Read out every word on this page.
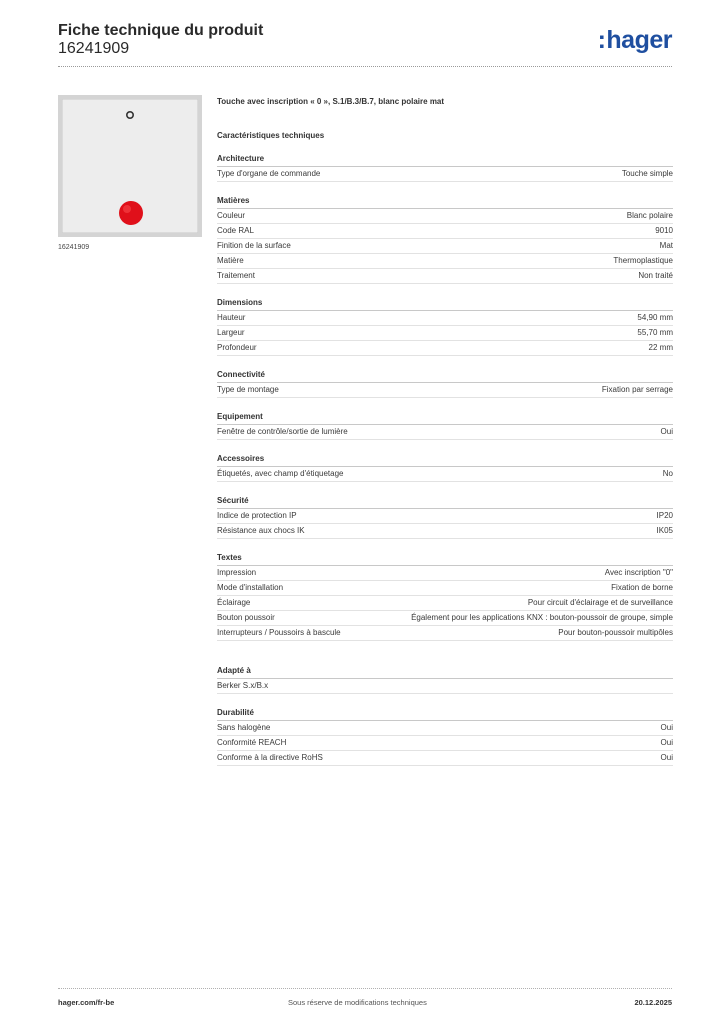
Fiche technique du produit
16241909	:hager
16241909
Touche avec inscription « 0 », S.1/B.3/B.7, blanc polaire mat
Caractéristiques techniques
Architecture
Type d'organe de commande	Touche simple
Matières
Couleur	Blanc polaire
Code RAL	9010
Finition de la surface	Mat
Matière	Thermoplastique
Traitement	Non traité
Dimensions
Hauteur	54,90 mm
Largeur	55,70 mm
Profondeur	22 mm
Connectivité
Type de montage	Fixation par serrage
Equipement
Fenêtre de contrôle/sortie de lumière	Oui
Accessoires
Étiquetés, avec champ d'étiquetage	No
Sécurité
Indice de protection IP	IP20
Résistance aux chocs IK	IK05
Textes
Impression	Avec inscription "0"
Mode d'installation	Fixation de borne
Éclairage	Pour circuit d'éclairage et de surveillance
Bouton poussoir	Également pour les applications KNX : bouton-poussoir de groupe, simple
Interrupteurs / Poussoirs à bascule	Pour bouton-poussoir multipôles
Adapté à
Berker S.x/B.x
Durabilité
Sans halogène	Oui
Conformité REACH	Oui
Conforme à la directive RoHS	Oui
hager.com/fr-be	Sous réserve de modifications techniques	20.12.2025
